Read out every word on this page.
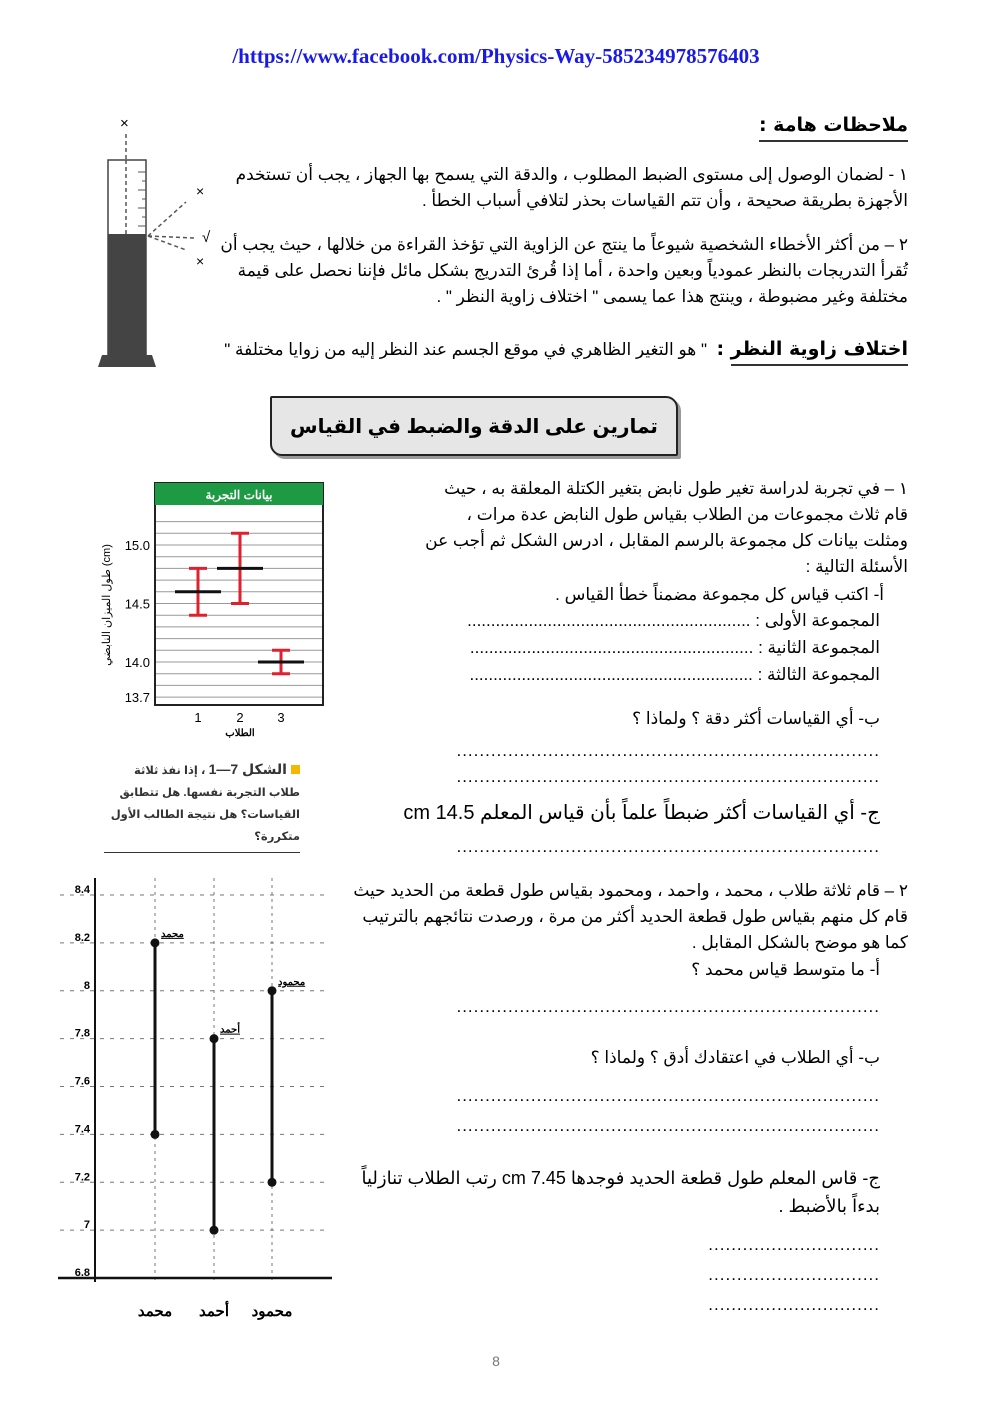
/https://www.facebook.com/Physics-Way-585234978576403
ملاحظات هامة :
١ - لضمان الوصول إلى مستوى الضبط المطلوب ، والدقة التي يسمح بها الجهاز ، يجب أن تستخدم الأجهزة بطريقة صحيحة ، وأن تتم القياسات بحذر لتلافي أسباب الخطأ .
٢ – من أكثر الأخطاء الشخصية شيوعاً ما ينتج عن الزاوية التي تؤخذ القراءة من خلالها ، حيث يجب أن تُقرأ التدريجات بالنظر عمودياً وبعين واحدة ، أما إذا قُرئ التدريج بشكل مائل فإننا نحصل على قيمة مختلفة وغير مضبوطة ، وينتج هذا عما يسمى " اختلاف زاوية النظر " .
اختلاف زاوية النظر :  " هو التغير الظاهري في موقع الجسم عند النظر إليه من زوايا مختلفة "
×
×
√
×
تمارين على الدقة والضبط في القياس
١ – في تجربة لدراسة تغير طول نابض بتغير الكتلة المعلقة به ، حيث قام ثلاث مجموعات من الطلاب بقياس طول النابض عدة مرات ، ومثلت بيانات كل مجموعة بالرسم المقابل ، ادرس الشكل ثم أجب عن الأسئلة التالية :
أ- اكتب قياس كل مجموعة مضمناً خطأ القياس .
المجموعة الأولى : ............................................................
المجموعة الثانية : ............................................................
المجموعة الثالثة : ............................................................
ب- أي القياسات أكثر دقة ؟ ولماذا ؟
..........................................................................
..........................................................................
ج- أي القياسات أكثر ضبطاً علماً بأن قياس المعلم 14.5 cm
..........................................................................
بيانات التجربة
15.0
14.5
14.0
13.7
1	2	3
الطلاب
طول الميزان النابضي (cm)
الشكل 7—1 ، إذا نفذ ثلاثة طلاب التجربة نفسها. هل تتطابق القياسات؟ هل نتيجة الطالب الأول متكررة؟
٢ – قام ثلاثة طلاب ، محمد ، واحمد ، ومحمود بقياس طول قطعة من الحديد حيث قام كل منهم بقياس طول قطعة الحديد أكثر من مرة ، ورصدت نتائجهم بالترتيب كما هو موضح بالشكل المقابل .
أ- ما متوسط قياس محمد ؟
..........................................................................
ب- أي الطلاب في اعتقادك أدق ؟ ولماذا ؟
..........................................................................
..........................................................................
ج- قاس المعلم طول قطعة الحديد فوجدها 7.45 cm رتب الطلاب تنازلياً بدءاً بالأضبط .
..............................
..............................
..............................
8.4
8.2
8
7.8
7.6
7.4
7.2
7
6.8
محمد
محمد
أحمد
أحمد
محمود
محمود
8
